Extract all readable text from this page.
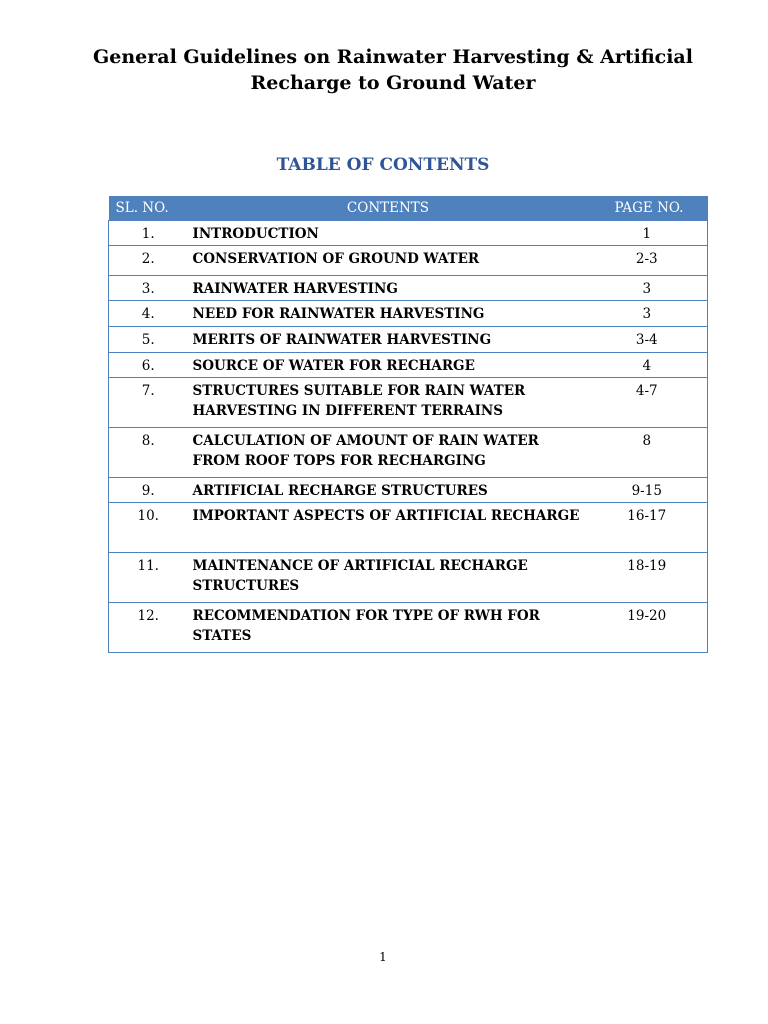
General Guidelines on Rainwater Harvesting & Artificial
Recharge to Ground Water
TABLE OF CONTENTS
SL. NO.	CONTENTS	PAGE NO.
1.	INTRODUCTION	1
2.	CONSERVATION OF GROUND WATER	2-3
3.	RAINWATER HARVESTING	3
4.	NEED FOR RAINWATER HARVESTING	3
5.	MERITS OF RAINWATER HARVESTING	3-4
6.	SOURCE OF WATER FOR RECHARGE	4
7.	STRUCTURES SUITABLE FOR RAIN WATER HARVESTING IN DIFFERENT TERRAINS	4-7
8.	CALCULATION OF AMOUNT OF RAIN WATER FROM ROOF TOPS FOR RECHARGING	8
9.	ARTIFICIAL RECHARGE STRUCTURES	9-15
10.	IMPORTANT ASPECTS OF ARTIFICIAL RECHARGE	16-17
11.	MAINTENANCE OF ARTIFICIAL RECHARGE STRUCTURES	18-19
12.	RECOMMENDATION FOR TYPE OF RWH FOR STATES	19-20
1
